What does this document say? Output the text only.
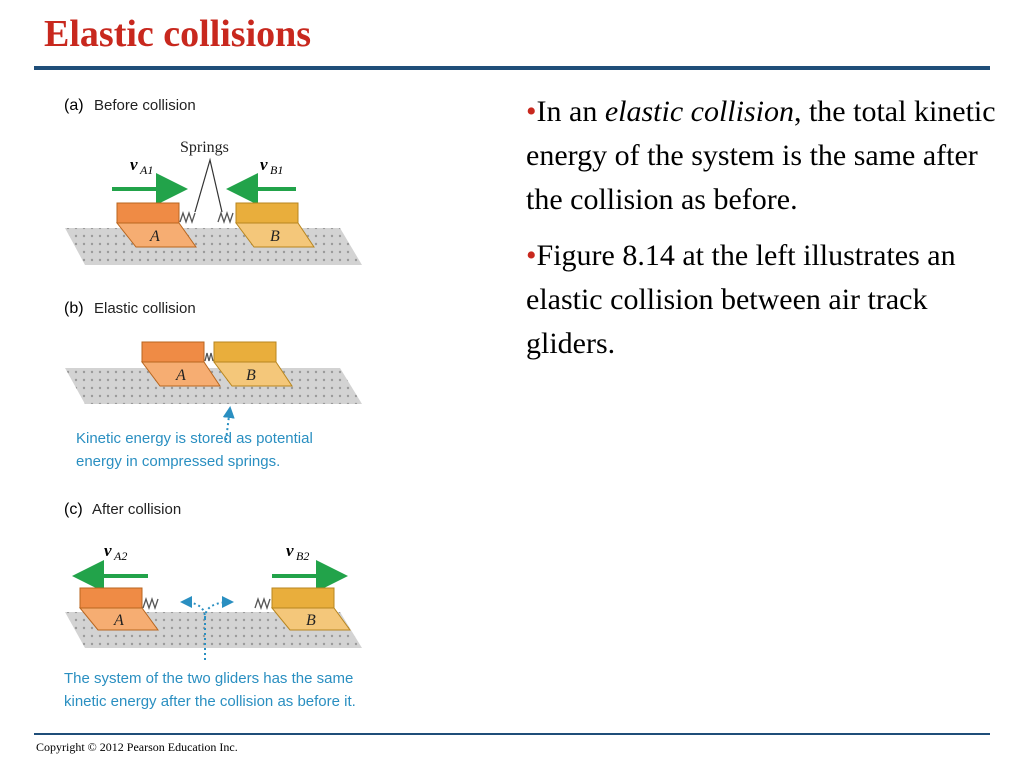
Elastic collisions
(a) Before collision
v A1	v B1
Springs
A	B
(b) Elastic collision
A	B
Kinetic energy is stored as potential
energy in compressed springs.
(c) After collision
v A2	v B2
A	B
The system of the two gliders has the same
kinetic energy after the collision as before it.
•In an elastic collision, the total kinetic energy of the system is the same after the collision as before.
•Figure 8.14 at the left illustrates an elastic collision between air track gliders.
Copyright © 2012 Pearson Education Inc.
